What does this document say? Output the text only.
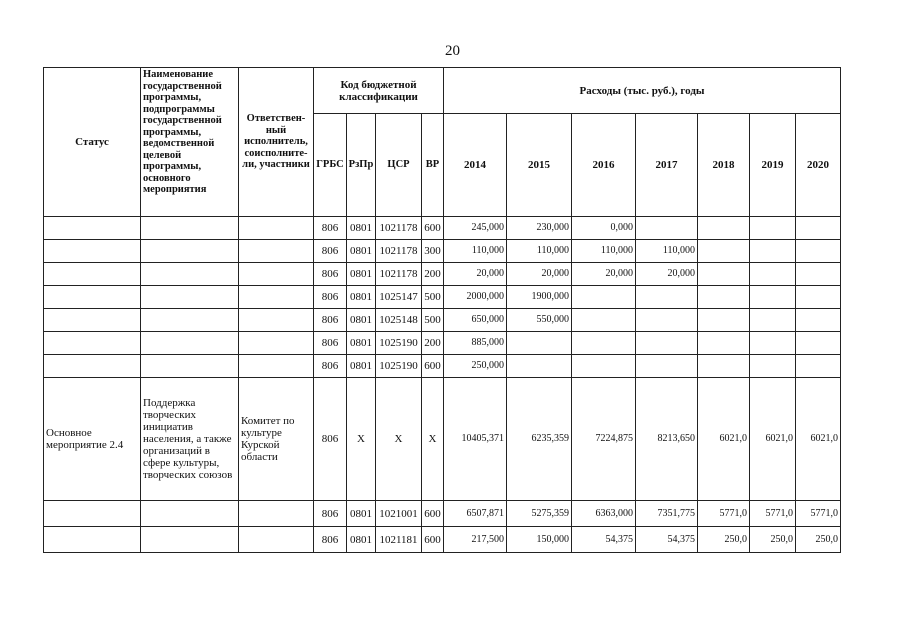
20
Статус	Наименование государственной программы, подпрограммы государственной программы, ведомственной целевой программы, основного мероприятия	Ответствен-ный исполнитель, соисполните-ли, участники	Код бюджетной классификации				Расходы (тыс. руб.), годы						
			ГРБС	РзПр	ЦСР	ВР	2014	2015	2016	2017	2018	2019	2020
			806	0801	1021178	600	245,000	230,000	0,000				
			806	0801	1021178	300	110,000	110,000	110,000	110,000			
			806	0801	1021178	200	20,000	20,000	20,000	20,000			
			806	0801	1025147	500	2000,000	1900,000					
			806	0801	1025148	500	650,000	550,000					
			806	0801	1025190	200	885,000						
			806	0801	1025190	600	250,000						
Основное мероприятие 2.4	Поддержка творческих инициатив населения, а также организаций в сфере культуры, творческих союзов	Комитет по культуре Курской области	806	X	X	X	10405,371	6235,359	7224,875	8213,650	6021,0	6021,0	6021,0
			806	0801	1021001	600	6507,871	5275,359	6363,000	7351,775	5771,0	5771,0	5771,0
			806	0801	1021181	600	217,500	150,000	54,375	54,375	250,0	250,0	250,0
